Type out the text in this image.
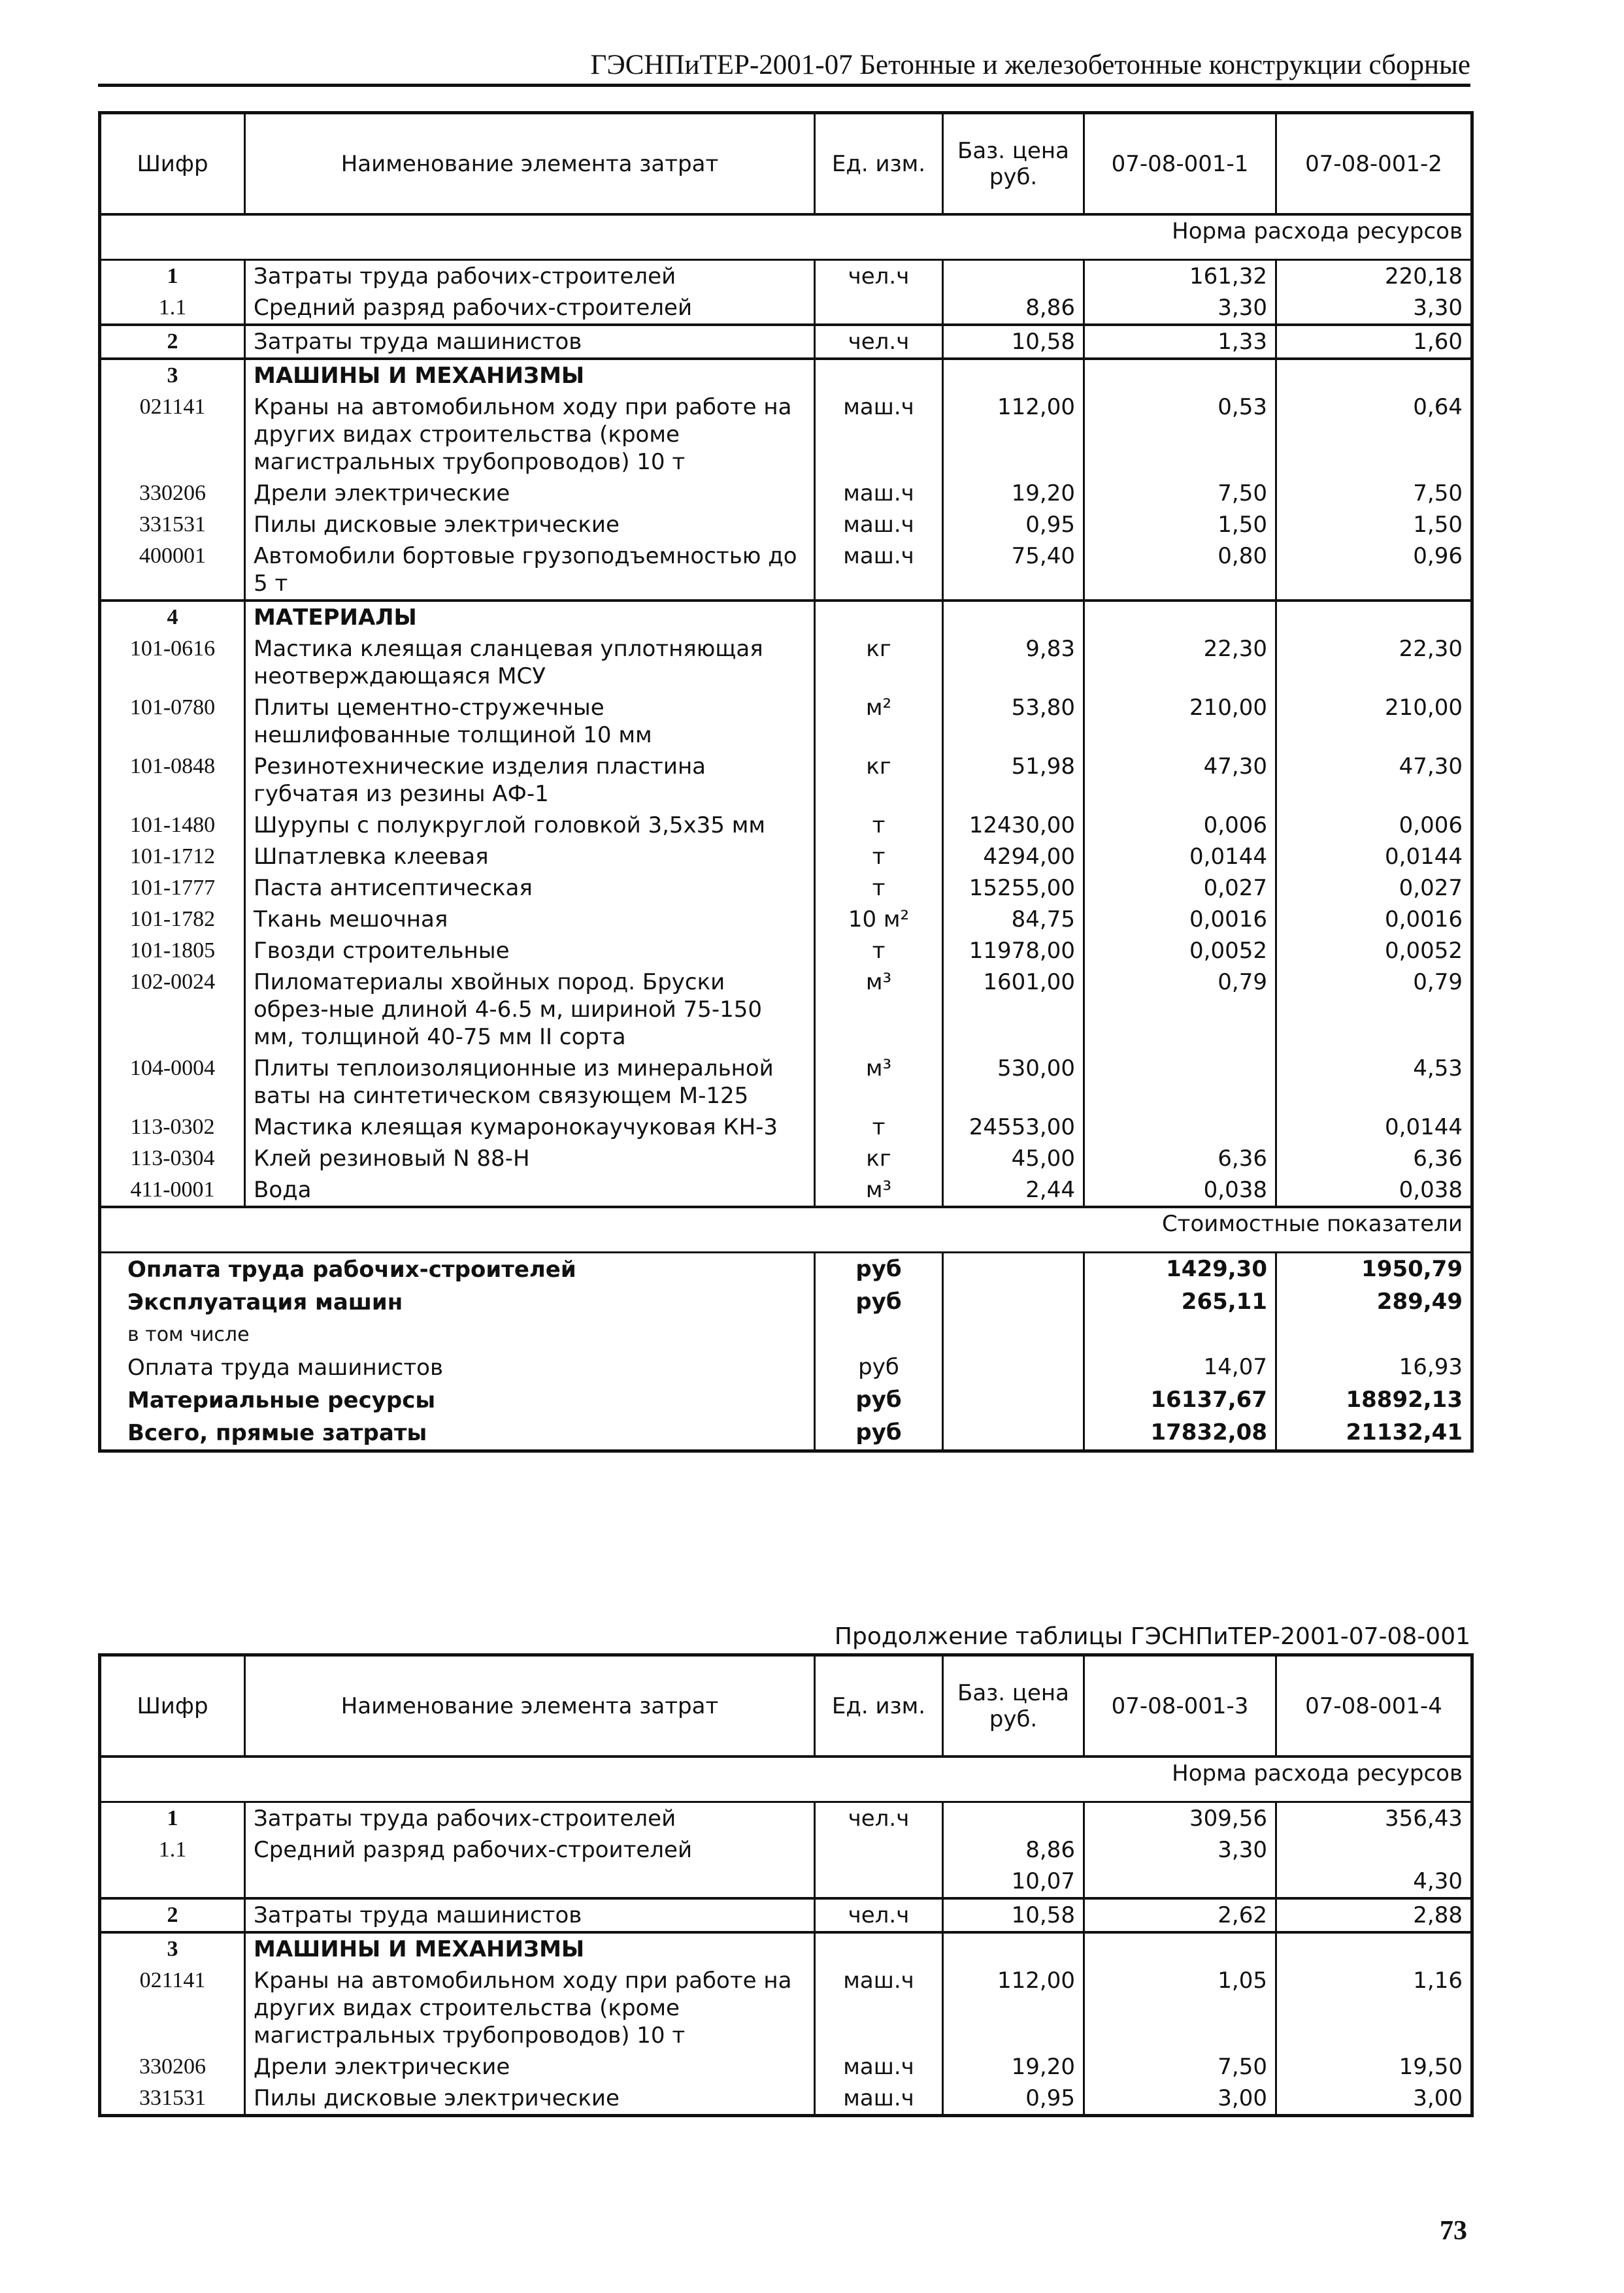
ГЭСНПиТЕР-2001-07 Бетонные и железобетонные конструкции сборные
Шифр	Наименование элемента затрат	Ед. изм.	Баз. цена руб.	07-08-001-1	07-08-001-2
Норма расхода ресурсов					
1	Затраты труда рабочих-строителей	чел.ч		161,32	220,18
1.1	Средний разряд рабочих-строителей		8,86	3,30	3,30
2	Затраты труда машинистов	чел.ч	10,58	1,33	1,60
3	МАШИНЫ И МЕХАНИЗМЫ				
021141	Краны на автомобильном ходу при работе на других видах строительства (кроме магистральных трубопроводов) 10 т	маш.ч	112,00	0,53	0,64
330206	Дрели электрические	маш.ч	19,20	7,50	7,50
331531	Пилы дисковые электрические	маш.ч	0,95	1,50	1,50
400001	Автомобили бортовые грузоподъемностью до 5 т	маш.ч	75,40	0,80	0,96
4	МАТЕРИАЛЫ				
101-0616	Мастика клеящая сланцевая уплотняющая неотверждающаяся МСУ	кг	9,83	22,30	22,30
101-0780	Плиты цементно-стружечные нешлифованные толщиной 10 мм	м²	53,80	210,00	210,00
101-0848	Резинотехнические изделия пластина губчатая из резины АФ-1	кг	51,98	47,30	47,30
101-1480	Шурупы с полукруглой головкой 3,5x35 мм	т	12430,00	0,006	0,006
101-1712	Шпатлевка клеевая	т	4294,00	0,0144	0,0144
101-1777	Паста антисептическая	т	15255,00	0,027	0,027
101-1782	Ткань мешочная	10 м²	84,75	0,0016	0,0016
101-1805	Гвозди строительные	т	11978,00	0,0052	0,0052
102-0024	Пиломатериалы хвойных пород. Бруски обрез-ные длиной 4-6.5 м, шириной 75-150 мм, толщиной 40-75 мм II сорта	м³	1601,00	0,79	0,79
104-0004	Плиты теплоизоляционные из минеральной ваты на синтетическом связующем М-125	м³	530,00		4,53
113-0302	Мастика клеящая кумаронокаучуковая КН-3	т	24553,00		0,0144
113-0304	Клей резиновый N 88-Н	кг	45,00	6,36	6,36
411-0001	Вода	м³	2,44	0,038	0,038
Стоимостные показатели					
Оплата труда рабочих-строителей		руб		1429,30	1950,79
Эксплуатация машин		руб		265,11	289,49
в том числе					
Оплата труда машинистов		руб		14,07	16,93
Материальные ресурсы		руб		16137,67	18892,13
Всего, прямые затраты		руб		17832,08	21132,41
Продолжение таблицы ГЭСНПиТЕР-2001-07-08-001
Шифр	Наименование элемента затрат	Ед. изм.	Баз. цена руб.	07-08-001-3	07-08-001-4
Норма расхода ресурсов					
1	Затраты труда рабочих-строителей	чел.ч		309,56	356,43
1.1	Средний разряд рабочих-строителей		8,86	3,30	
			10,07		4,30
2	Затраты труда машинистов	чел.ч	10,58	2,62	2,88
3	МАШИНЫ И МЕХАНИЗМЫ				
021141	Краны на автомобильном ходу при работе на других видах строительства (кроме магистральных трубопроводов) 10 т	маш.ч	112,00	1,05	1,16
330206	Дрели электрические	маш.ч	19,20	7,50	19,50
331531	Пилы дисковые электрические	маш.ч	0,95	3,00	3,00
73
